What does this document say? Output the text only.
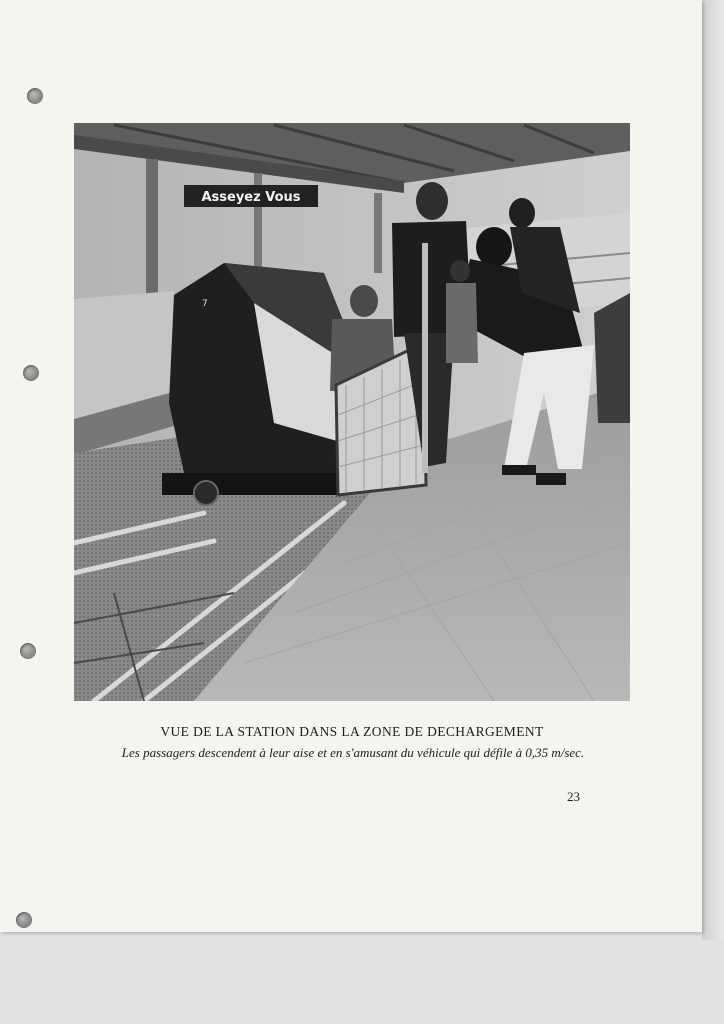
Asseyez Vous
7
VUE DE LA STATION DANS LA ZONE DE DECHARGEMENT
Les passagers descendent à leur aise et en s'amusant du véhicule qui défile à 0,35 m/sec.
23
